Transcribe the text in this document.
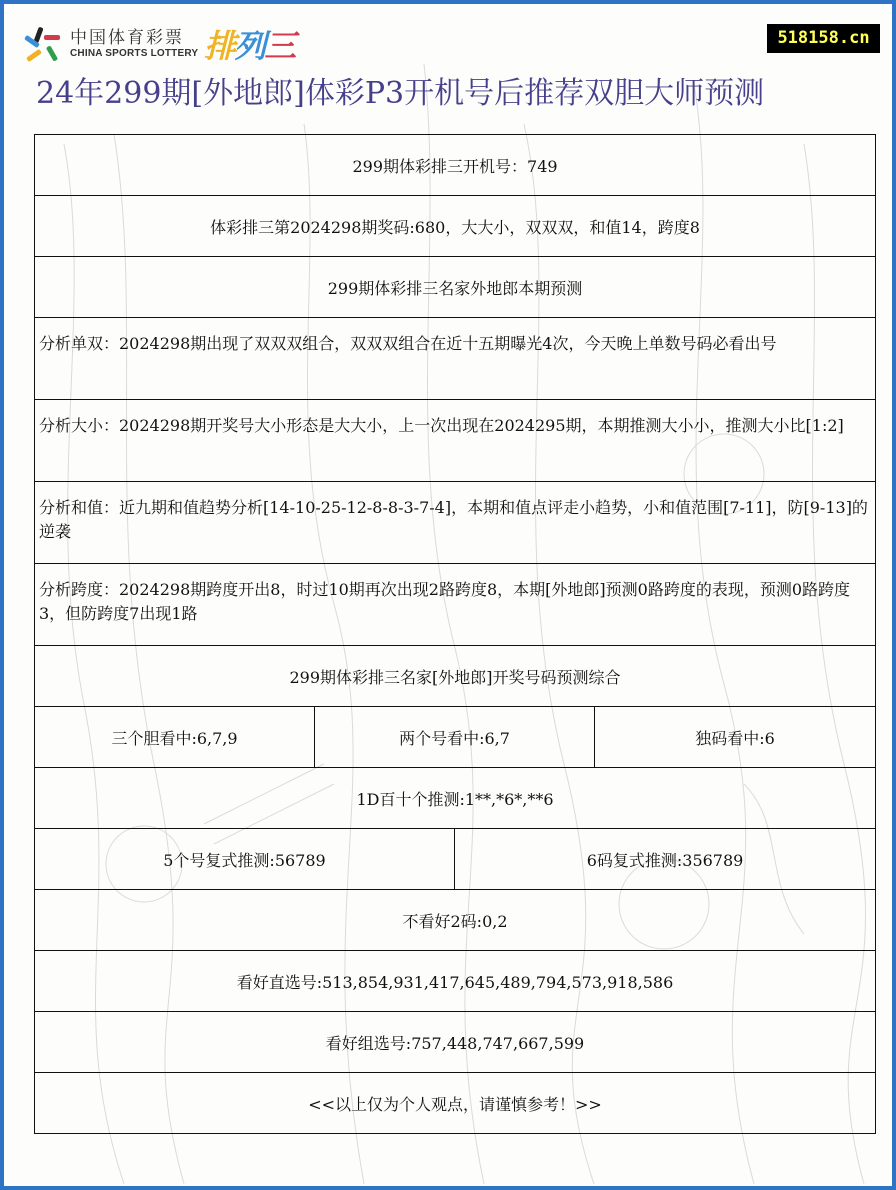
中国体育彩票
CHINA SPORTS LOTTERY 排列三	518158.cn
24年299期[外地郎]体彩P3开机号后推荐双胆大师预测
299期体彩排三开机号：749			
体彩排三第2024298期奖码:680，大大小，双双双，和值14，跨度8			
299期体彩排三名家外地郎本期预测			
分析单双：2024298期出现了双双双组合，双双双组合在近十五期曝光4次，今天晚上单数号码必看出号			
分析大小：2024298期开奖号大小形态是大大小，上一次出现在2024295期，本期推测大小小，推测大小比[1:2]			
分析和值：近九期和值趋势分析[14-10-25-12-8-8-3-7-4]，本期和值点评走小趋势，小和值范围[7-11]，防[9-13]的逆袭			
分析跨度：2024298期跨度开出8，时过10期再次出现2路跨度8，本期[外地郎]预测0路跨度的表现，预测0路跨度3，但防跨度7出现1路			
299期体彩排三名家[外地郎]开奖号码预测综合			
三个胆看中:6,7,9	两个号看中:6,7		独码看中:6
1D百十个推测:1**,*6*,**6			
5个号复式推测:56789		6码复式推测:356789	
不看好2码:0,2			
看好直选号:513,854,931,417,645,489,794,573,918,586			
看好组选号:757,448,747,667,599			
<<以上仅为个人观点，请谨慎参考！>>			
